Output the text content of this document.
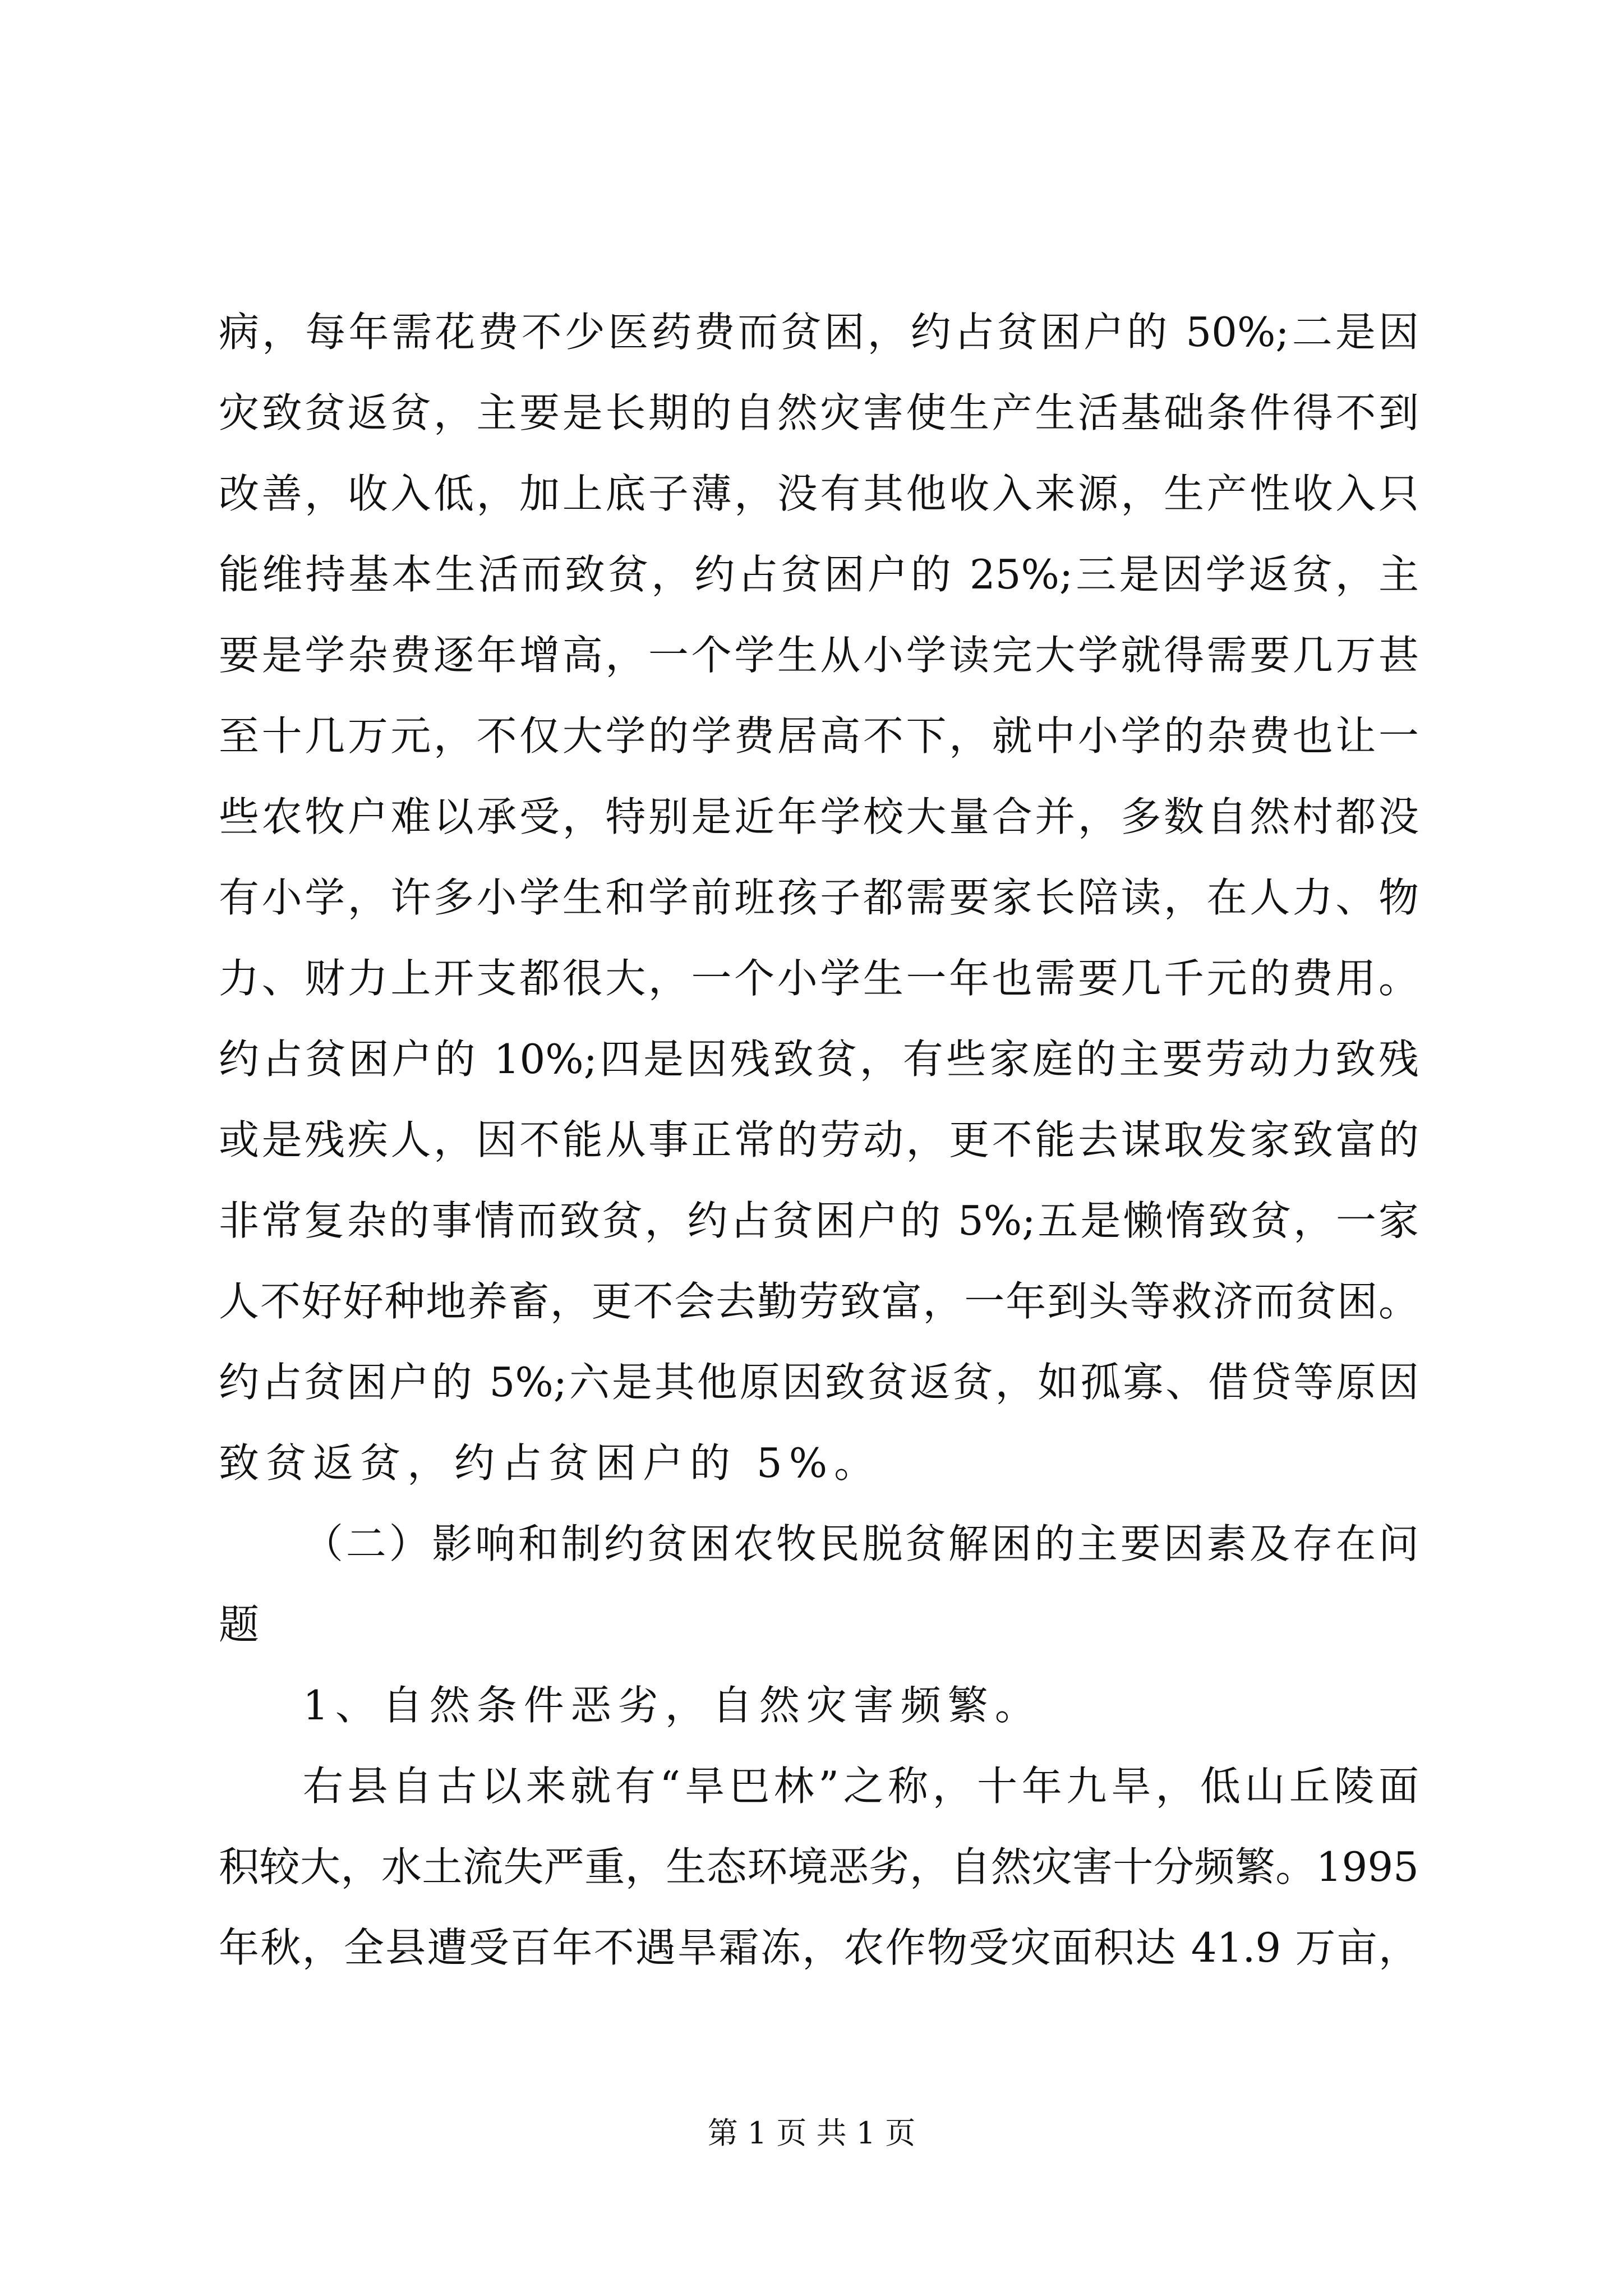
病，每年需花费不少医药费而贫困，约占贫困户的 50%;二是因
灾致贫返贫，主要是长期的自然灾害使生产生活基础条件得不到
改善，收入低，加上底子薄，没有其他收入来源，生产性收入只
能维持基本生活而致贫，约占贫困户的 25%;三是因学返贫，主
要是学杂费逐年增高，一个学生从小学读完大学就得需要几万甚
至十几万元，不仅大学的学费居高不下，就中小学的杂费也让一
些农牧户难以承受，特别是近年学校大量合并，多数自然村都没
有小学，许多小学生和学前班孩子都需要家长陪读，在人力、物
力、财力上开支都很大，一个小学生一年也需要几千元的费用。
约占贫困户的 10%;四是因残致贫，有些家庭的主要劳动力致残
或是残疾人，因不能从事正常的劳动，更不能去谋取发家致富的
非常复杂的事情而致贫，约占贫困户的 5%;五是懒惰致贫，一家
人不好好种地养畜，更不会去勤劳致富，一年到头等救济而贫困。
约占贫困户的 5%;六是其他原因致贫返贫，如孤寡、借贷等原因
致贫返贫，约占贫困户的 5%。
（二）影响和制约贫困农牧民脱贫解困的主要因素及存在问
题
1、自然条件恶劣，自然灾害频繁。
右县自古以来就有“旱巴林”之称，十年九旱，低山丘陵面
积较大，水土流失严重，生态环境恶劣，自然灾害十分频繁。1995
年秋，全县遭受百年不遇旱霜冻，农作物受灾面积达 41.9 万亩，
第 1 页 共 1 页
